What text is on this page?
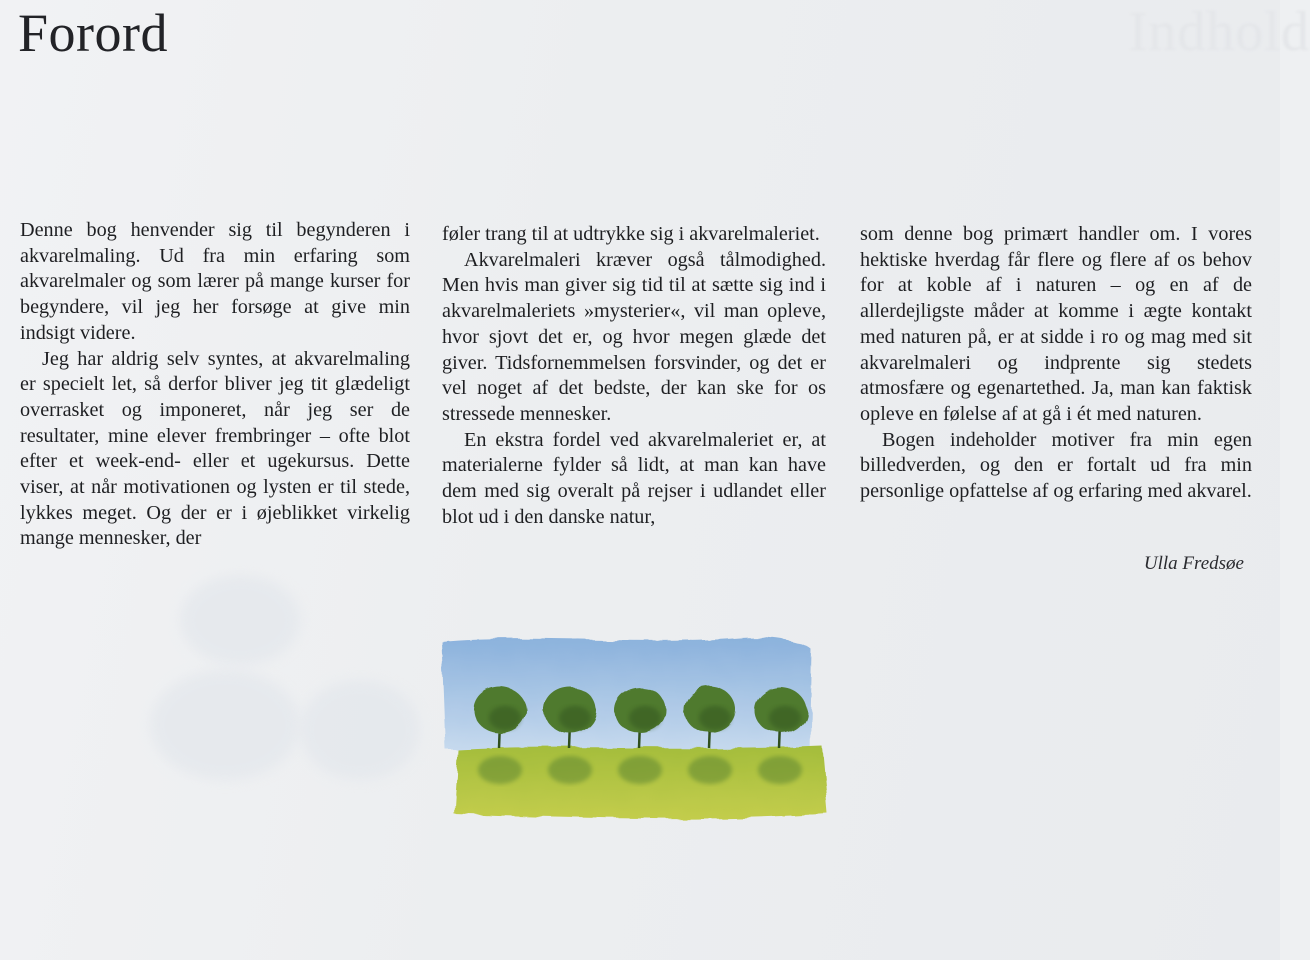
Indhold
Forord

Denne bog henvender sig til begynderen i akvarelmaling. Ud fra min erfaring som akvarelmaler og som lærer på mange kurser for begyndere, vil jeg her forsøge at give min indsigt videre.

Jeg har aldrig selv syntes, at akvarelmaling er specielt let, så derfor bliver jeg tit glædeligt overrasket og imponeret, når jeg ser de resultater, mine elever frembringer – ofte blot efter et week-end- eller et ugekursus. Dette viser, at når motivationen og lysten er til stede, lykkes meget. Og der er i øjeblikket virkelig mange mennesker, der

føler trang til at udtrykke sig i akvarelmaleriet.

Akvarelmaleri kræver også tålmodighed. Men hvis man giver sig tid til at sætte sig ind i akvarelmaleriets »mysterier«, vil man opleve, hvor sjovt det er, og hvor megen glæde det giver. Tidsfornemmelsen forsvinder, og det er vel noget af det bedste, der kan ske for os stressede mennesker.

En ekstra fordel ved akvarelmaleriet er, at materialerne fylder så lidt, at man kan have dem med sig overalt på rejser i udlandet eller blot ud i den danske natur,

som denne bog primært handler om. I vores hektiske hverdag får flere og flere af os behov for at koble af i naturen – og en af de allerdejligste måder at komme i ægte kontakt med naturen på, er at sidde i ro og mag med sit akvarelmaleri og indprente sig stedets atmosfære og egenartethed. Ja, man kan faktisk opleve en følelse af at gå i ét med naturen.

Bogen indeholder motiver fra min egen billedverden, og den er fortalt ud fra min personlige opfattelse af og erfaring med akvarel.

Ulla Fredsøe
